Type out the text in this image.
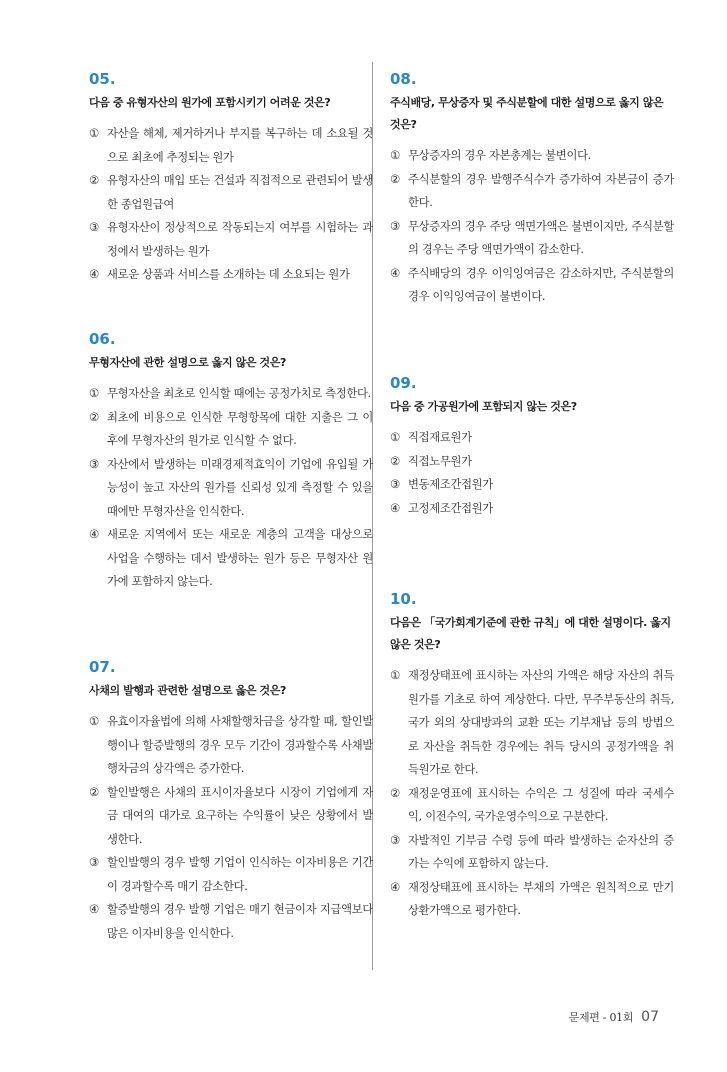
05.
다음 중 유형자산의 원가에 포함시키기 어려운 것은?
① 자산을 해체, 제거하거나 부지를 복구하는 데 소요될 것으로 최초에 추정되는 원가
② 유형자산의 매입 또는 건설과 직접적으로 관련되어 발생한 종업원급여
③ 유형자산이 정상적으로 작동되는지 여부를 시험하는 과정에서 발생하는 원가
④ 새로운 상품과 서비스를 소개하는 데 소요되는 원가
06.
무형자산에 관한 설명으로 옳지 않은 것은?
① 무형자산을 최초로 인식할 때에는 공정가치로 측정한다.
② 최초에 비용으로 인식한 무형항목에 대한 지출은 그 이후에 무형자산의 원가로 인식할 수 없다.
③ 자산에서 발생하는 미래경제적효익이 기업에 유입될 가능성이 높고 자산의 원가를 신뢰성 있게 측정할 수 있을 때에만 무형자산을 인식한다.
④ 새로운 지역에서 또는 새로운 계층의 고객을 대상으로 사업을 수행하는 데서 발생하는 원가 등은 무형자산 원가에 포함하지 않는다.
07.
사채의 발행과 관련한 설명으로 옳은 것은?
① 유효이자율법에 의해 사채할행차금을 상각할 때, 할인발행이나 할증발행의 경우 모두 기간이 경과할수록 사채발행차금의 상각액은 증가한다.
② 할인발행은 사채의 표시이자율보다 시장이 기업에게 자금 대여의 대가로 요구하는 수익률이 낮은 상황에서 발생한다.
③ 할인발행의 경우 발행 기업이 인식하는 이자비용은 기간이 경과할수록 매기 감소한다.
④ 할증발행의 경우 발행 기업은 매기 현금이자 지급액보다 많은 이자비용을 인식한다.
08.
주식배당, 무상증자 및 주식분할에 대한 설명으로 옳지 않은 것은?
① 무상증자의 경우 자본총계는 불변이다.
② 주식분할의 경우 발행주식수가 증가하여 자본금이 증가한다.
③ 무상증자의 경우 주당 액면가액은 불변이지만, 주식분할의 경우는 주당 액면가액이 감소한다.
④ 주식배당의 경우 이익잉여금은 감소하지만, 주식분할의 경우 이익잉여금이 불변이다.
09.
다음 중 가공원가에 포함되지 않는 것은?
① 직접재료원가
② 직접노무원가
③ 변동제조간접원가
④ 고정제조간접원가
10.
다음은 「국가회계기준에 관한 규칙」에 대한 설명이다. 옳지 않은 것은?
① 재정상태표에 표시하는 자산의 가액은 해당 자산의 취득원가를 기초로 하여 계상한다. 다만, 무주부동산의 취득, 국가 외의 상대방과의 교환 또는 기부채납 등의 방법으로 자산을 취득한 경우에는 취득 당시의 공정가액을 취득원가로 한다.
② 재정운영표에 표시하는 수익은 그 성질에 따라 국세수익, 이전수익, 국가운영수익으로 구분한다.
③ 자발적인 기부금 수령 등에 따라 발생하는 순자산의 증가는 수익에 포함하지 않는다.
④ 재정상태표에 표시하는 부채의 가액은 원칙적으로 만기상환가액으로 평가한다.
문제편 - 01회 07
